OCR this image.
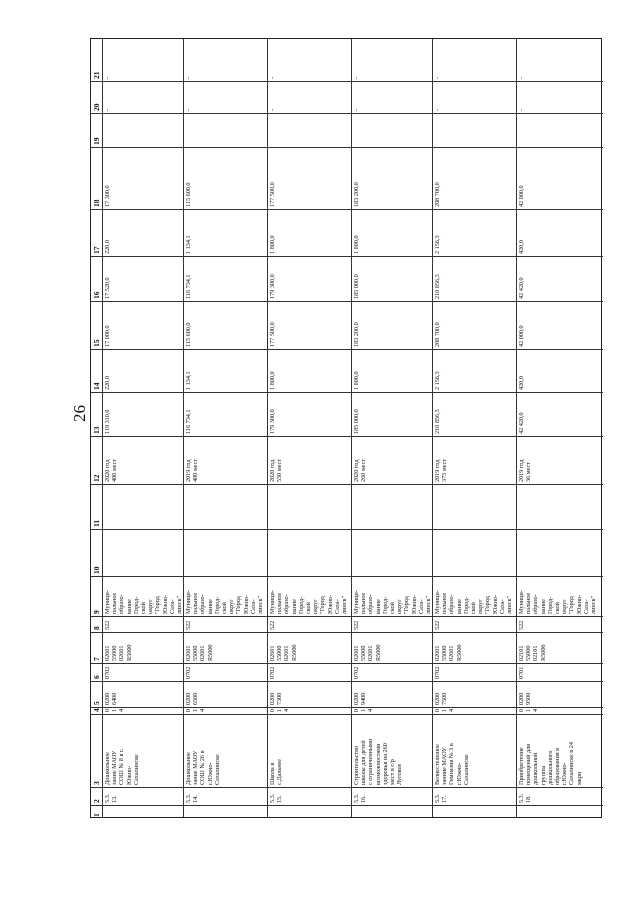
26
1
2
3
4
5
6
7
8
9
10
11
12
13
14
15
16
17
18
19
20
21
5.3.
13.
Дошкольное
зание МАОУ
СОШ № 8 в г.
Южно-
Сахалинске
0
1
4
0200
6400
0702
02601
55000
02601
R5000
522
Муници-
пальное
образо-
вание
Город-
ской
округ
"Город
Южно-
Саха-
линск"
2020 год
480 мест
119 310,0
220,0
17 000,0
17 520,0
220,0
17 300,0
-
-
5.3.
14.
Дошкольное
зание МАОУ
СОШ № 26 в
г.Южно-
Сахалинске
0
1
4
0200
6500
0702
02601
55000
02601
R5000
522
Муници-
пальное
образо-
вание
Город-
ской
округ
"Город
Южно-
Саха-
линск"
2019 год
480 мест
116 734,1
1 134,1
115 600,0
116 734,1
1 134,1
115 600,0
-
-
5.3.
15.
Школа в
с.Дальнее
0
1
4
0200
7300
0702
02601
55000
02601
R5000
522
Муници-
пальное
образо-
вание
Город-
ской
округ
"Город
Южно-
Саха-
линск"
2020 год
550 мест
179 300,0
1 800,0
177 500,0
179 300,0
1 800,0
177 500,0
-
-
5.3.
16.
Строительство
школы для детей
с ограниченными
возможностями
здоровья на 260
мест в с/р
Луговое
0
1
4
0200
9400
0702
02601
55000
02601
R5000
522
Муници-
пальное
образо-
вание
Город-
ской
округ
"Город
Южно-
Саха-
линск"
2020 год
260 мест
185 000,0
1 800,0
183 200,0
185 000,0
1 800,0
183 200,0
-
-
5.3.
17.
Велнестелешое
занние МАОУ
Гимназия № 3 в
г.Южно-
Сахалинске
0
1
4
0200
7500
0702
02601
55000
02601
R5000
522
Муници-
пальное
образо-
вание
Город-
ской
округ
"Город
Южно-
Саха-
линск"
2019 год
375 мест
210 856,3
2 156,3
208 700,0
210 856,3
2 156,3
208 700,0
-
-
5.3.
18.
Приобретение
помещений для
дошкольной
группы
дошкольного
образования в
г.Южно-
Сахалинске в 24
мкрн
0
1
4
0200
9500
0701
02101
55000
02101
R5000
522
Муници-
пальное
образо-
вание
Город-
ской
округ
"Город
Южно-
Саха-
линск"
2019 год
36 мест
42 420,0
420,0
42 000,0
42 420,0
420,0
42 000,0
-
-
